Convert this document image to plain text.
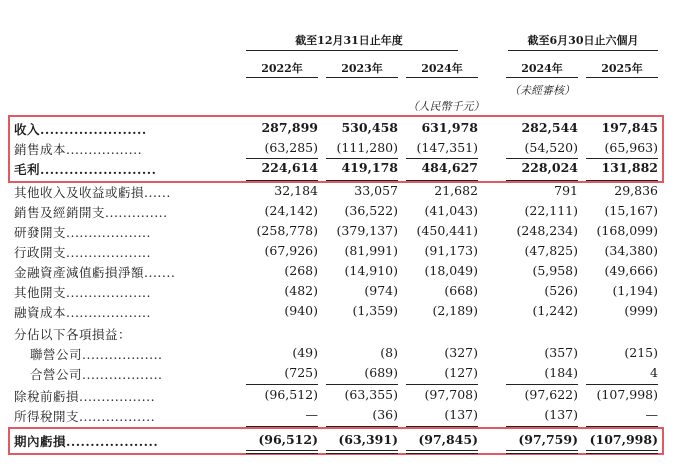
截至12月31日止年度	截至6月30日止六個月
2022年	2023年	2024年	2024年	2025年
（人民幣千元）
（未經審核）
收入......................	287,899	530,458	631,978	282,544	197,845
銷售成本.................	(63,285)	(111,280)	(147,351)	(54,520)	(65,963)
毛利........................	224,614	419,178	484,627	228,024	131,882
其他收入及收益或虧損......	32,184	33,057	21,682	791	29,836
銷售及經銷開支..............	(24,142)	(36,522)	(41,043)	(22,111)	(15,167)
研發開支...................	(258,778)	(379,137)	(450,441)	(248,234)	(168,099)
行政開支...................	(67,926)	(81,991)	(91,173)	(47,825)	(34,380)
金融資產減值虧損淨額.......	(268)	(14,910)	(18,049)	(5,958)	(49,666)
其他開支...................	(482)	(974)	(668)	(526)	(1,194)
融資成本...................	(940)	(1,359)	(2,189)	(1,242)	(999)
分佔以下各項損益：
聯營公司..................	(49)	(8)	(327)	(357)	(215)
合營公司..................	(725)	(689)	(127)	(184)	4
除稅前虧損.................	(96,512)	(63,355)	(97,708)	(97,622)	(107,998)
所得稅開支.................	—	(36)	(137)	(137)	—
期內虧損...................	(96,512)	(63,391)	(97,845)	(97,759) (107,998)
